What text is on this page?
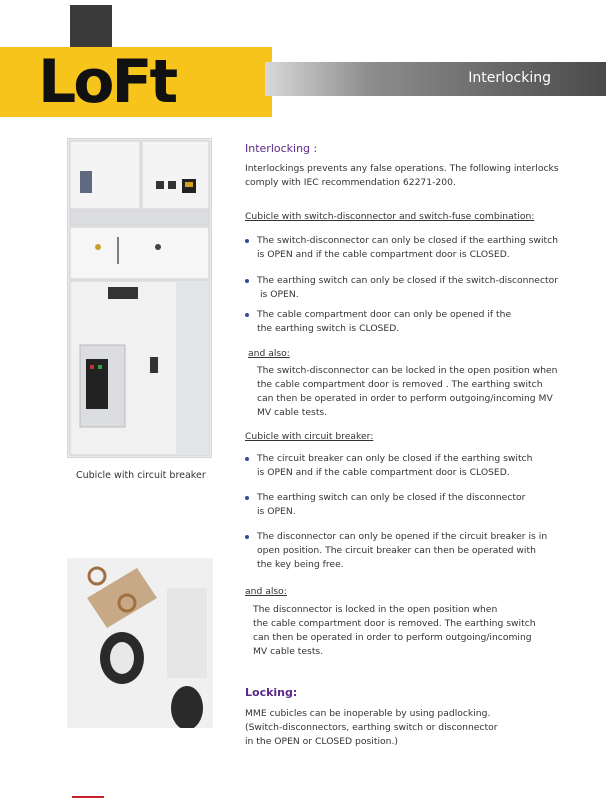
LoFt	Interlocking
Cubicle with circuit breaker
Interlocking :
Interlockings prevents any false operations. The following interlocks
comply with IEC recommendation 62271-200.
Cubicle with switch-disconnector and switch-fuse combination:
The switch-disconnector can only be closed if the earthing switch
is OPEN and if the cable compartment door is CLOSED.
The earthing switch can only be closed if the switch-disconnector
is OPEN.
The cable compartment door can only be opened if the
the earthing switch is CLOSED.
and also:
The switch-disconnector can be locked in the open position when
the cable compartment door is removed . The earthing switch
can then be operated in order to perform outgoing/incoming MV
MV cable tests.
Cubicle with circuit breaker:
The circuit breaker can only be closed if the earthing switch
is OPEN and if the cable compartment door is CLOSED.
The earthing switch can only be closed if the disconnector
is OPEN.
The disconnector can only be opened if the circuit breaker is in
open position. The circuit breaker can then be operated with
the key being free.
and also:
The disconnector is locked in the open position when
the cable compartment door is removed. The earthing switch
can then be operated in order to perform outgoing/incoming
MV cable tests.
Locking:
MME cubicles can be inoperable by using padlocking.
(Switch-disconnectors, earthing switch or disconnector
in the OPEN or CLOSED position.)
